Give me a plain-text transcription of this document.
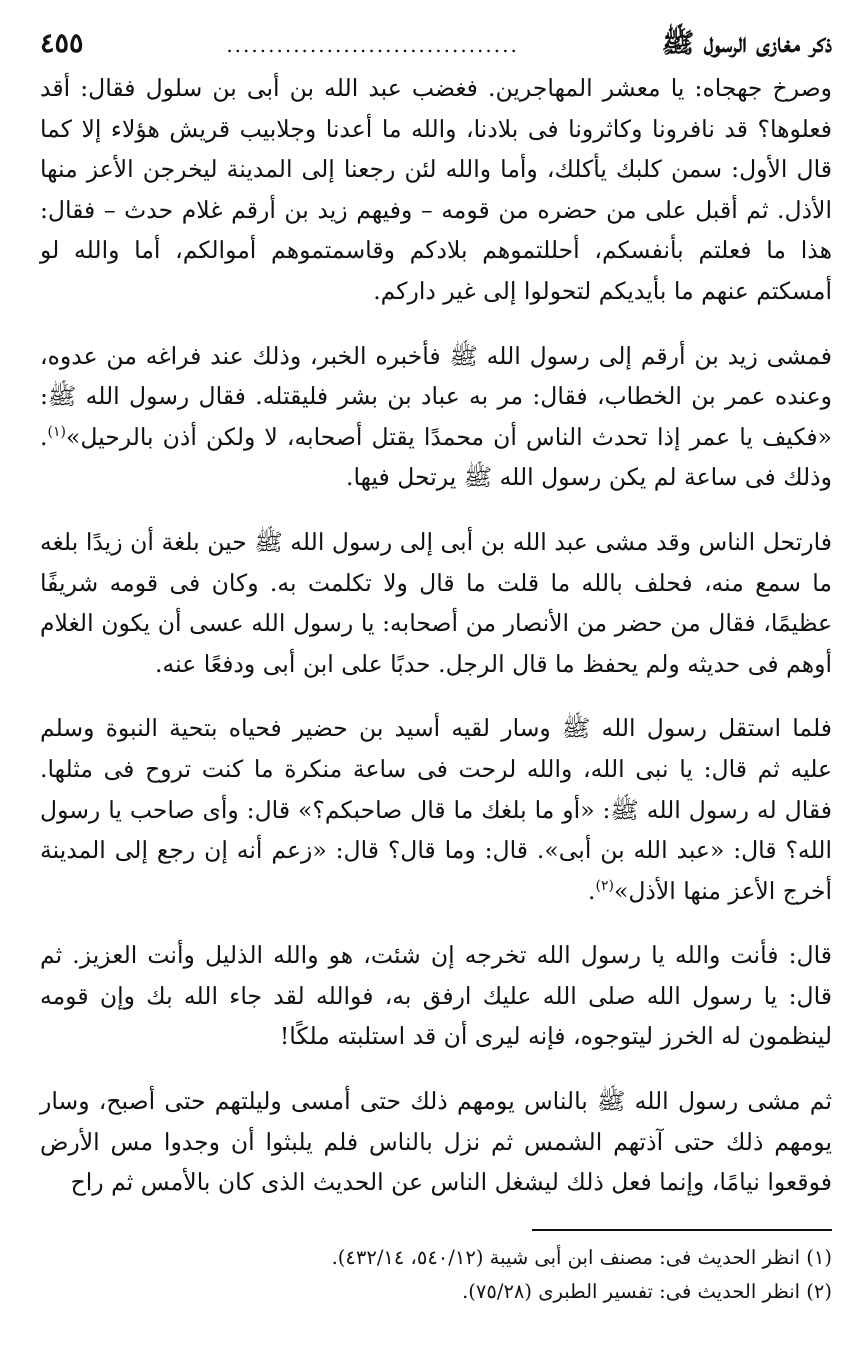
ذكر مغازى الرسول ﷺ
...................................
٤٥٥

وصرخ جهجاه: يا معشر المهاجرين. فغضب عبد الله بن أبى بن سلول فقال: أقد فعلوها؟ قد نافرونا وكاثرونا فى بلادنا، والله ما أعدنا وجلابيب قريش هؤلاء إلا كما قال الأول: سمن كلبك يأكلك، وأما والله لئن رجعنا إلى المدينة ليخرجن الأعز منها الأذل. ثم أقبل على من حضره من قومه – وفيهم زيد بن أرقم غلام حدث – فقال: هذا ما فعلتم بأنفسكم، أحللتموهم بلادكم وقاسمتموهم أموالكم، أما والله لو أمسكتم عنهم ما بأيديكم لتحولوا إلى غير داركم.

فمشى زيد بن أرقم إلى رسول الله ﷺ فأخبره الخبر، وذلك عند فراغه من عدوه، وعنده عمر بن الخطاب، فقال: مر به عباد بن بشر فليقتله. فقال رسول الله ﷺ: «فكيف يا عمر إذا تحدث الناس أن محمدًا يقتل أصحابه، لا ولكن أذن بالرحيل»$^{(١)}$. وذلك فى ساعة لم يكن رسول الله ﷺ يرتحل فيها.

فارتحل الناس وقد مشى عبد الله بن أبى إلى رسول الله ﷺ حين بلغة أن زيدًا بلغه ما سمع منه، فحلف بالله ما قلت ما قال ولا تكلمت به. وكان فى قومه شريفًا عظيمًا، فقال من حضر من الأنصار من أصحابه: يا رسول الله عسى أن يكون الغلام أوهم فى حديثه ولم يحفظ ما قال الرجل. حدبًا على ابن أبى ودفعًا عنه.

فلما استقل رسول الله ﷺ وسار لقيه أسيد بن حضير فحياه بتحية النبوة وسلم عليه ثم قال: يا نبى الله، والله لرحت فى ساعة منكرة ما كنت تروح فى مثلها. فقال له رسول الله ﷺ: «أو ما بلغك ما قال صاحبكم؟» قال: وأى صاحب يا رسول الله؟ قال: «عبد الله بن أبى». قال: وما قال؟ قال: «زعم أنه إن رجع إلى المدينة أخرج الأعز منها الأذل»$^{(٢)}$.

قال: فأنت والله يا رسول الله تخرجه إن شئت، هو والله الذليل وأنت العزيز. ثم قال: يا رسول الله صلى الله عليك ارفق به، فوالله لقد جاء الله بك وإن قومه لينظمون له الخرز ليتوجوه، فإنه ليرى أن قد استلبته ملكًا!

ثم مشى رسول الله ﷺ بالناس يومهم ذلك حتى أمسى وليلتهم حتى أصبح، وسار يومهم ذلك حتى آذتهم الشمس ثم نزل بالناس فلم يلبثوا أن وجدوا مس الأرض فوقعوا نيامًا، وإنما فعل ذلك ليشغل الناس عن الحديث الذى كان بالأمس ثم راح

(١) انظر الحديث فى: مصنف ابن أبى شيبة (٥٤٠/١٢، ٤٣٢/١٤).

(٢) انظر الحديث فى: تفسير الطبرى (٧٥/٢٨).
